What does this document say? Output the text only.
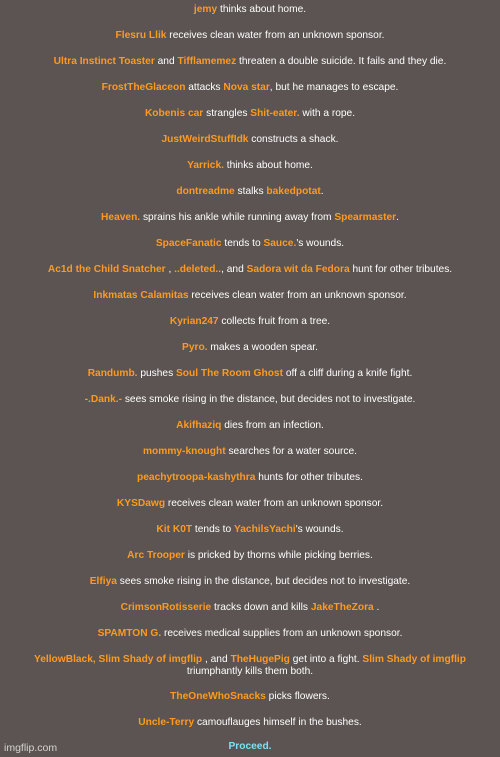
jemy thinks about home.
Flesru Llik receives clean water from an unknown sponsor.
Ultra Instinct Toaster and Tifflamemez threaten a double suicide. It fails and they die.
FrostTheGlaceon attacks Nova star, but he manages to escape.
Kobenis car strangles Shit-eater. with a rope.
JustWeirdStuffIdk constructs a shack.
Yarrick. thinks about home.
dontreadme stalks bakedpotat.
Heaven. sprains his ankle while running away from Spearmaster.
SpaceFanatic tends to Sauce.'s wounds.
Ac1d the Child Snatcher , ..deleted.., and Sadora wit da Fedora hunt for other tributes.
Inkmatas Calamitas receives clean water from an unknown sponsor.
Kyrian247 collects fruit from a tree.
Pyro. makes a wooden spear.
Randumb. pushes Soul The Room Ghost off a cliff during a knife fight.
-.Dank.- sees smoke rising in the distance, but decides not to investigate.
Akifhaziq dies from an infection.
mommy-knought searches for a water source.
peachytroopa-kashythra hunts for other tributes.
KYSDawg receives clean water from an unknown sponsor.
Kit K0T tends to YachilsYachi's wounds.
Arc Trooper is pricked by thorns while picking berries.
Elfiya sees smoke rising in the distance, but decides not to investigate.
CrimsonRotisserie tracks down and kills JakeTheZora .
SPAMTON G. receives medical supplies from an unknown sponsor.
YellowBlack, Slim Shady of imgflip , and TheHugePig get into a fight. Slim Shady of imgflip triumphantly kills them both.
TheOneWhoSnacks picks flowers.
Uncle-Terry camouflauges himself in the bushes.
Proceed.
imgflip.com
